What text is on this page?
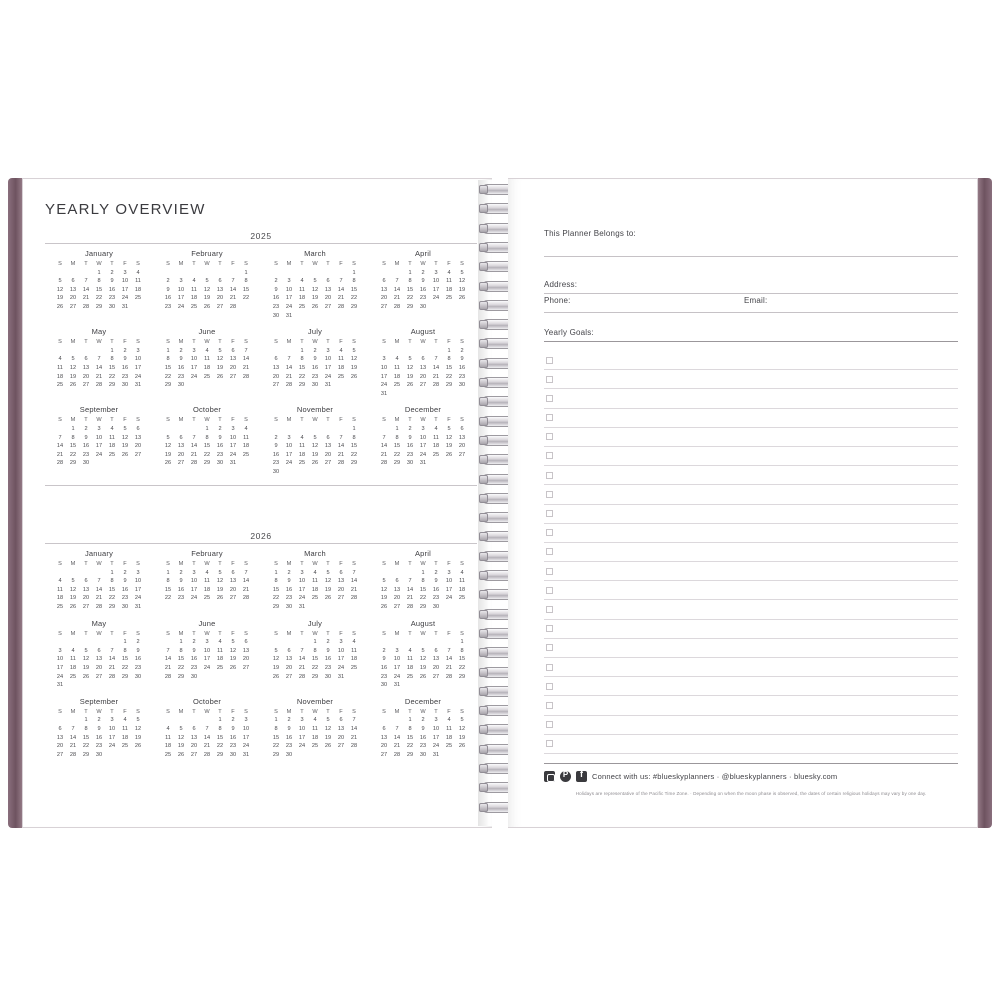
YEARLY OVERVIEW
2025
January
S	M	T	W	T	F	S
			1	2	3	4
5	6	7	8	9	10	11
12	13	14	15	16	17	18
19	20	21	22	23	24	25
26	27	28	29	30	31	
February
S	M	T	W	T	F	S
						1
2	3	4	5	6	7	8
9	10	11	12	13	14	15
16	17	18	19	20	21	22
23	24	25	26	27	28	
March
S	M	T	W	T	F	S
						1
2	3	4	5	6	7	8
9	10	11	12	13	14	15
16	17	18	19	20	21	22
23	24	25	26	27	28	29
30	31					
April
S	M	T	W	T	F	S
		1	2	3	4	5
6	7	8	9	10	11	12
13	14	15	16	17	18	19
20	21	22	23	24	25	26
27	28	29	30			
May
S	M	T	W	T	F	S
				1	2	3
4	5	6	7	8	9	10
11	12	13	14	15	16	17
18	19	20	21	22	23	24
25	26	27	28	29	30	31
June
S	M	T	W	T	F	S
1	2	3	4	5	6	7
8	9	10	11	12	13	14
15	16	17	18	19	20	21
22	23	24	25	26	27	28
29	30					
July
S	M	T	W	T	F	S
		1	2	3	4	5
6	7	8	9	10	11	12
13	14	15	16	17	18	19
20	21	22	23	24	25	26
27	28	29	30	31		
August
S	M	T	W	T	F	S
					1	2
3	4	5	6	7	8	9
10	11	12	13	14	15	16
17	18	19	20	21	22	23
24	25	26	27	28	29	30
31						
September
S	M	T	W	T	F	S
	1	2	3	4	5	6
7	8	9	10	11	12	13
14	15	16	17	18	19	20
21	22	23	24	25	26	27
28	29	30				
October
S	M	T	W	T	F	S
			1	2	3	4
5	6	7	8	9	10	11
12	13	14	15	16	17	18
19	20	21	22	23	24	25
26	27	28	29	30	31	
November
S	M	T	W	T	F	S
						1
2	3	4	5	6	7	8
9	10	11	12	13	14	15
16	17	18	19	20	21	22
23	24	25	26	27	28	29
30						
December
S	M	T	W	T	F	S
	1	2	3	4	5	6
7	8	9	10	11	12	13
14	15	16	17	18	19	20
21	22	23	24	25	26	27
28	29	30	31			
2026
January
S	M	T	W	T	F	S
				1	2	3
4	5	6	7	8	9	10
11	12	13	14	15	16	17
18	19	20	21	22	23	24
25	26	27	28	29	30	31
February
S	M	T	W	T	F	S
1	2	3	4	5	6	7
8	9	10	11	12	13	14
15	16	17	18	19	20	21
22	23	24	25	26	27	28
March
S	M	T	W	T	F	S
1	2	3	4	5	6	7
8	9	10	11	12	13	14
15	16	17	18	19	20	21
22	23	24	25	26	27	28
29	30	31				
April
S	M	T	W	T	F	S
			1	2	3	4
5	6	7	8	9	10	11
12	13	14	15	16	17	18
19	20	21	22	23	24	25
26	27	28	29	30		
May
S	M	T	W	T	F	S
					1	2
3	4	5	6	7	8	9
10	11	12	13	14	15	16
17	18	19	20	21	22	23
24	25	26	27	28	29	30
31						
June
S	M	T	W	T	F	S
	1	2	3	4	5	6
7	8	9	10	11	12	13
14	15	16	17	18	19	20
21	22	23	24	25	26	27
28	29	30				
July
S	M	T	W	T	F	S
			1	2	3	4
5	6	7	8	9	10	11
12	13	14	15	16	17	18
19	20	21	22	23	24	25
26	27	28	29	30	31	
August
S	M	T	W	T	F	S
						1
2	3	4	5	6	7	8
9	10	11	12	13	14	15
16	17	18	19	20	21	22
23	24	25	26	27	28	29
30	31					
September
S	M	T	W	T	F	S
		1	2	3	4	5
6	7	8	9	10	11	12
13	14	15	16	17	18	19
20	21	22	23	24	25	26
27	28	29	30			
October
S	M	T	W	T	F	S
				1	2	3
4	5	6	7	8	9	10
11	12	13	14	15	16	17
18	19	20	21	22	23	24
25	26	27	28	29	30	31
November
S	M	T	W	T	F	S
1	2	3	4	5	6	7
8	9	10	11	12	13	14
15	16	17	18	19	20	21
22	23	24	25	26	27	28
29	30					
December
S	M	T	W	T	F	S
		1	2	3	4	5
6	7	8	9	10	11	12
13	14	15	16	17	18	19
20	21	22	23	24	25	26
27	28	29	30	31		
This Planner Belongs to:
Address:
Phone:	Email:
Yearly Goals:
P
f
Connect with us: #blueskyplanners · @blueskyplanners · bluesky.com
Holidays are representative of the Pacific Time Zone. · Depending on when the moon phase is observed, the dates of certain religious holidays may vary by one day.
